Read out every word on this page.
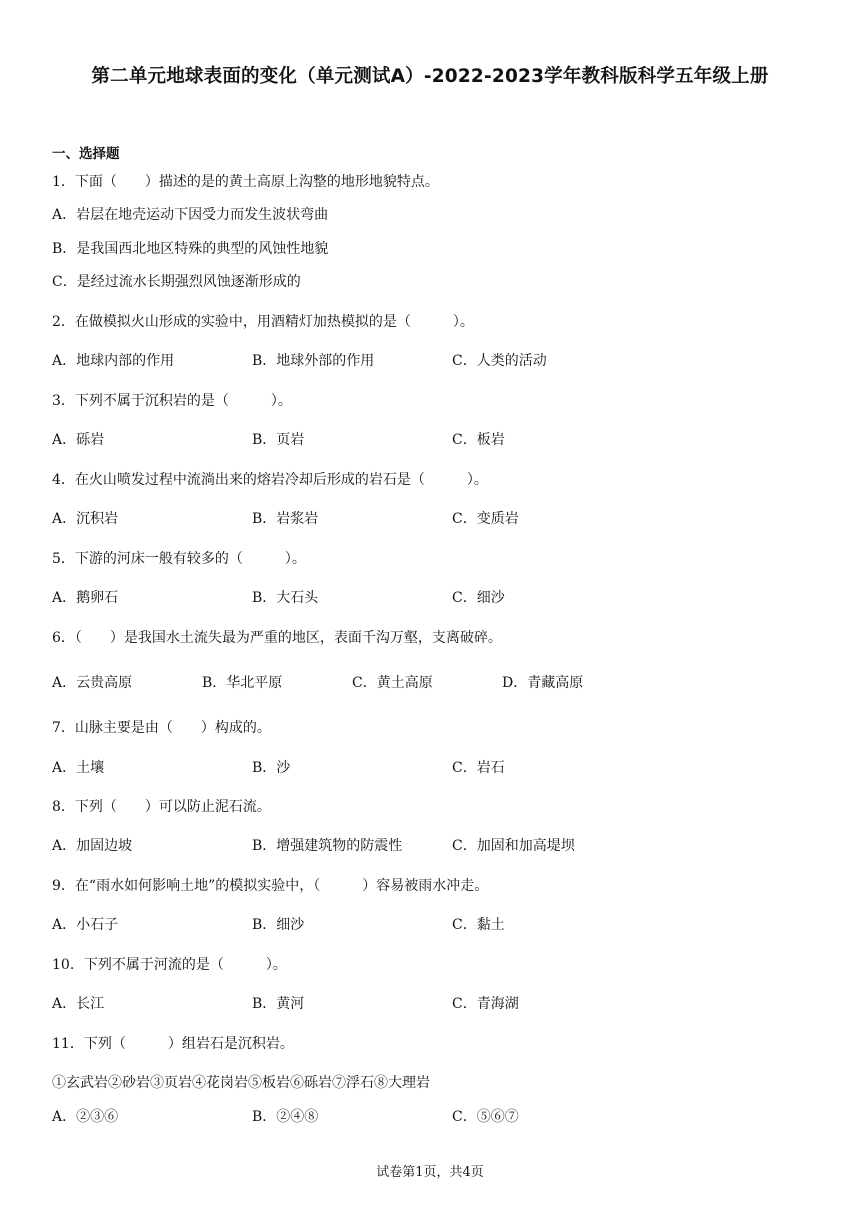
第二单元地球表面的变化（单元测试A）-2022-2023学年教科版科学五年级上册
一、选择题
1．下面（　　）描述的是的黄土高原上沟整的地形地貌特点。
A．岩层在地壳运动下因受力而发生波状弯曲
B．是我国西北地区特殊的典型的风蚀性地貌
C．是经过流水长期强烈风蚀逐渐形成的
2．在做模拟火山形成的实验中，用酒精灯加热模拟的是（　　　）。
A．地球内部的作用	B．地球外部的作用	C．人类的活动
3．下列不属于沉积岩的是（　　　）。
A．砾岩	B．页岩	C．板岩
4．在火山喷发过程中流淌出来的熔岩冷却后形成的岩石是（　　　）。
A．沉积岩	B．岩浆岩	C．变质岩
5．下游的河床一般有较多的（　　　）。
A．鹅卵石	B．大石头	C．细沙
6．（　　）是我国水土流失最为严重的地区，表面千沟万壑，支离破碎。
A．云贵高原	B．华北平原	C．黄土高原	D．青藏高原
7．山脉主要是由（　　）构成的。
A．土壤	B．沙	C．岩石
8．下列（　　）可以防止泥石流。
A．加固边坡	B．增强建筑物的防震性	C．加固和加高堤坝
9．在“雨水如何影响土地”的模拟实验中，（　　　）容易被雨水冲走。
A．小石子	B．细沙	C．黏土
10．下列不属于河流的是（　　　）。
A．长江	B．黄河	C．青海湖
11．下列（　　　）组岩石是沉积岩。
①玄武岩②砂岩③页岩④花岗岩⑤板岩⑥砾岩⑦浮石⑧大理岩
A．②③⑥	B．②④⑧	C．⑤⑥⑦
试卷第1页，共4页
